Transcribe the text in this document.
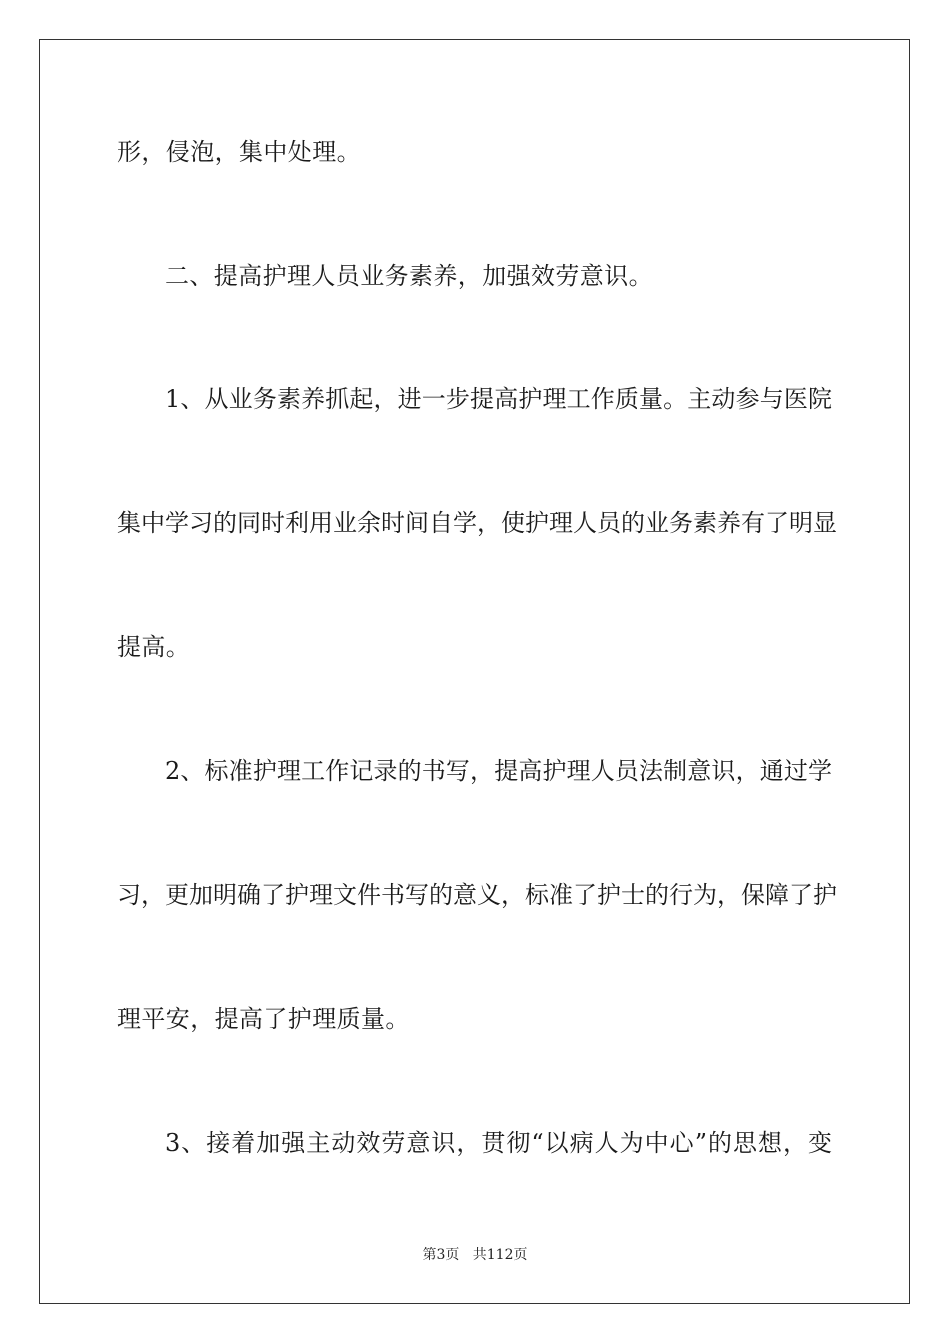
形，侵泡，集中处理。
二、提高护理人员业务素养，加强效劳意识。
1、从业务素养抓起，进一步提高护理工作质量。主动参与医院
集中学习的同时利用业余时间自学，使护理人员的业务素养有了明显
提高。
2、标准护理工作记录的书写，提高护理人员法制意识，通过学
习，更加明确了护理文件书写的意义，标准了护士的行为，保障了护
理平安，提高了护理质量。
3、接着加强主动效劳意识，贯彻“以病人为中心”的思想，变
第3页   共112页
